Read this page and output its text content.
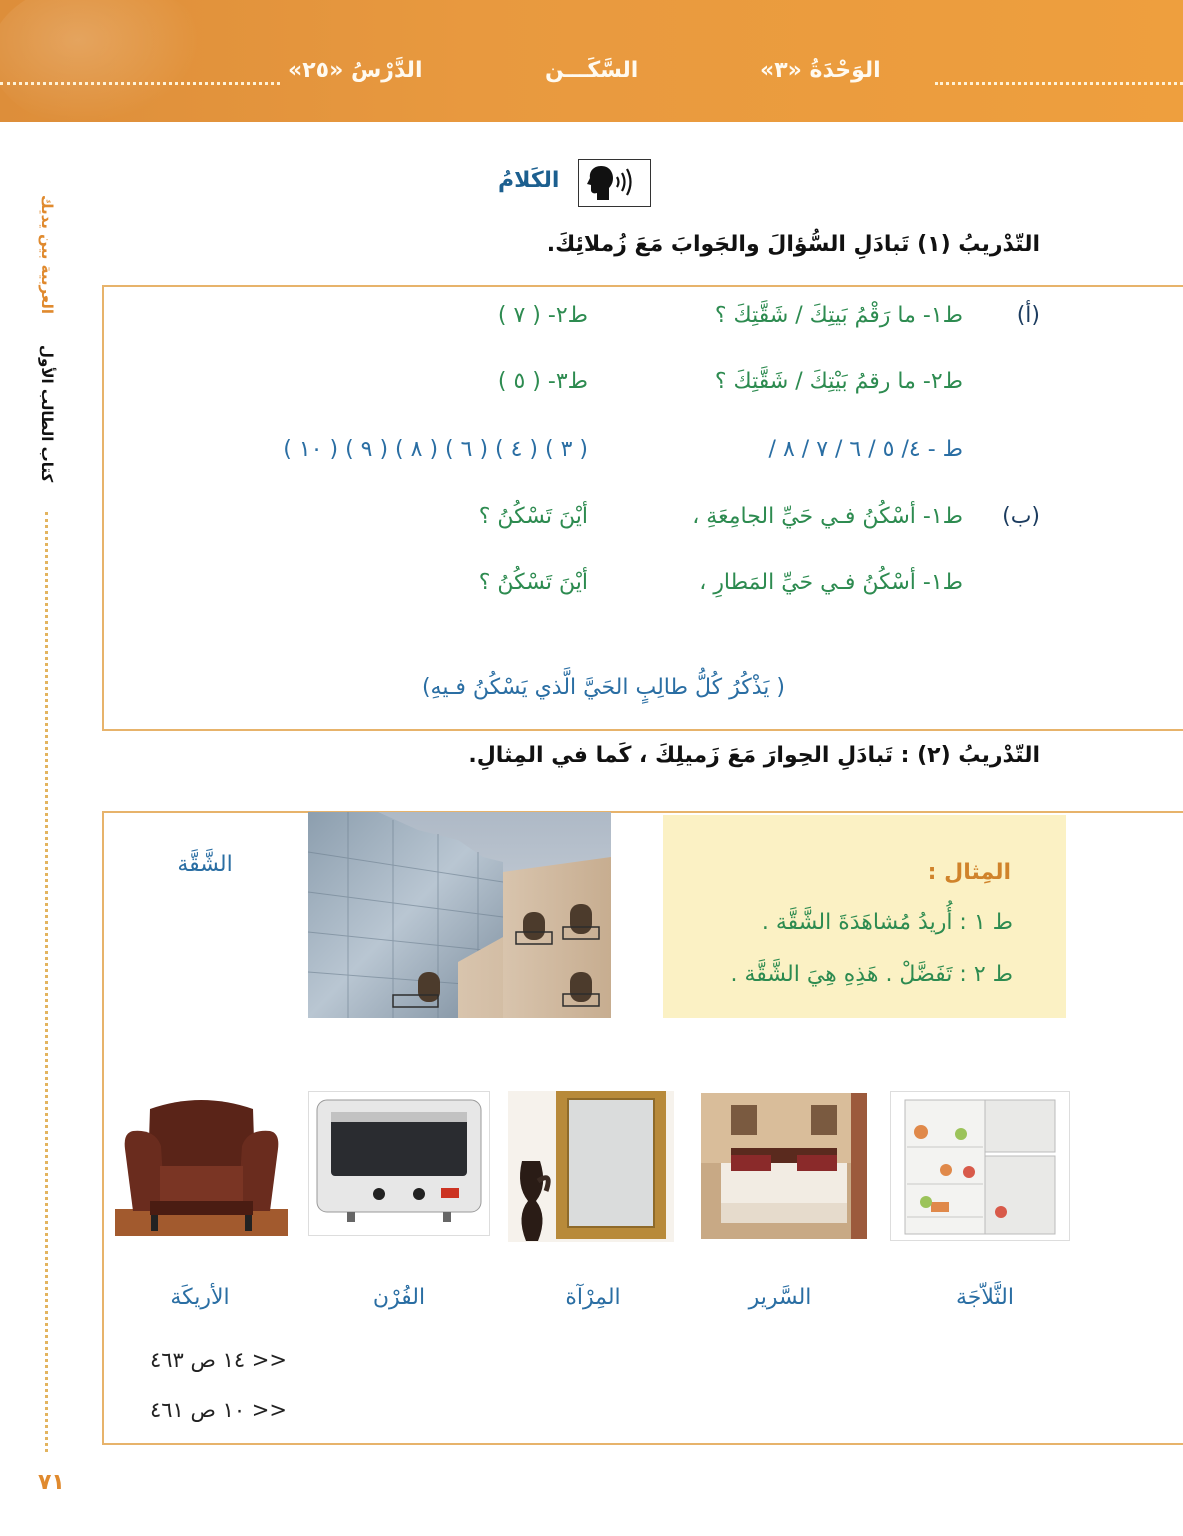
الوَحْدَةُ «٣»
السَّكَـــن
الدَّرْسُ «٢٥»
العربية بين يديك
كتاب الطالب الأول
٧١
الكَلامُ
التّدْريبُ (١) تَبادَلِ السُّؤالَ والجَوابَ مَعَ زُملائِكَ.
(أ)
ط١- ما رَقْمُ بَيتِكَ / شَقَّتِكَ ؟
ط٢- ( ٧ )
ط٢- ما رقمُ بَيْتِكَ / شَقَّتِكَ ؟
ط٣- ( ٥ )
ط - ٤/ ٥ / ٦ / ٧ / ٨ /
( ٣ ) ( ٤ ) ( ٦ ) ( ٨ ) ( ٩ ) ( ١٠ )
(ب)
ط١- أسْكُنُ فـي حَيِّ الجامِعَةِ ،
أيْنَ تَسْكُنُ ؟
ط١- أسْكُنُ فـي حَيِّ المَطارِ ،
أيْنَ تَسْكُنُ ؟
( يَذْكُرُ كُلُّ طالِبٍ الحَيَّ الَّذي يَسْكُنُ فـيهِ)
التّدْريبُ (٢) : تَبادَلِ الحِوارَ مَعَ زَميلِكَ ، كَما في المِثالِ.
المِثال :
ط ١ : أُريدُ مُشاهَدَةَ الشَّقَّة .
ط ٢ : تَفَضَّلْ . هَذِهِ هِيَ الشَّقَّة .
الشَّقَّة
الثَّلاّجَة
السَّرير
المِرْآة
الفُرْن
الأريكَة
<< ١٤ ص ٤٦٣
<< ١٠ ص ٤٦١
